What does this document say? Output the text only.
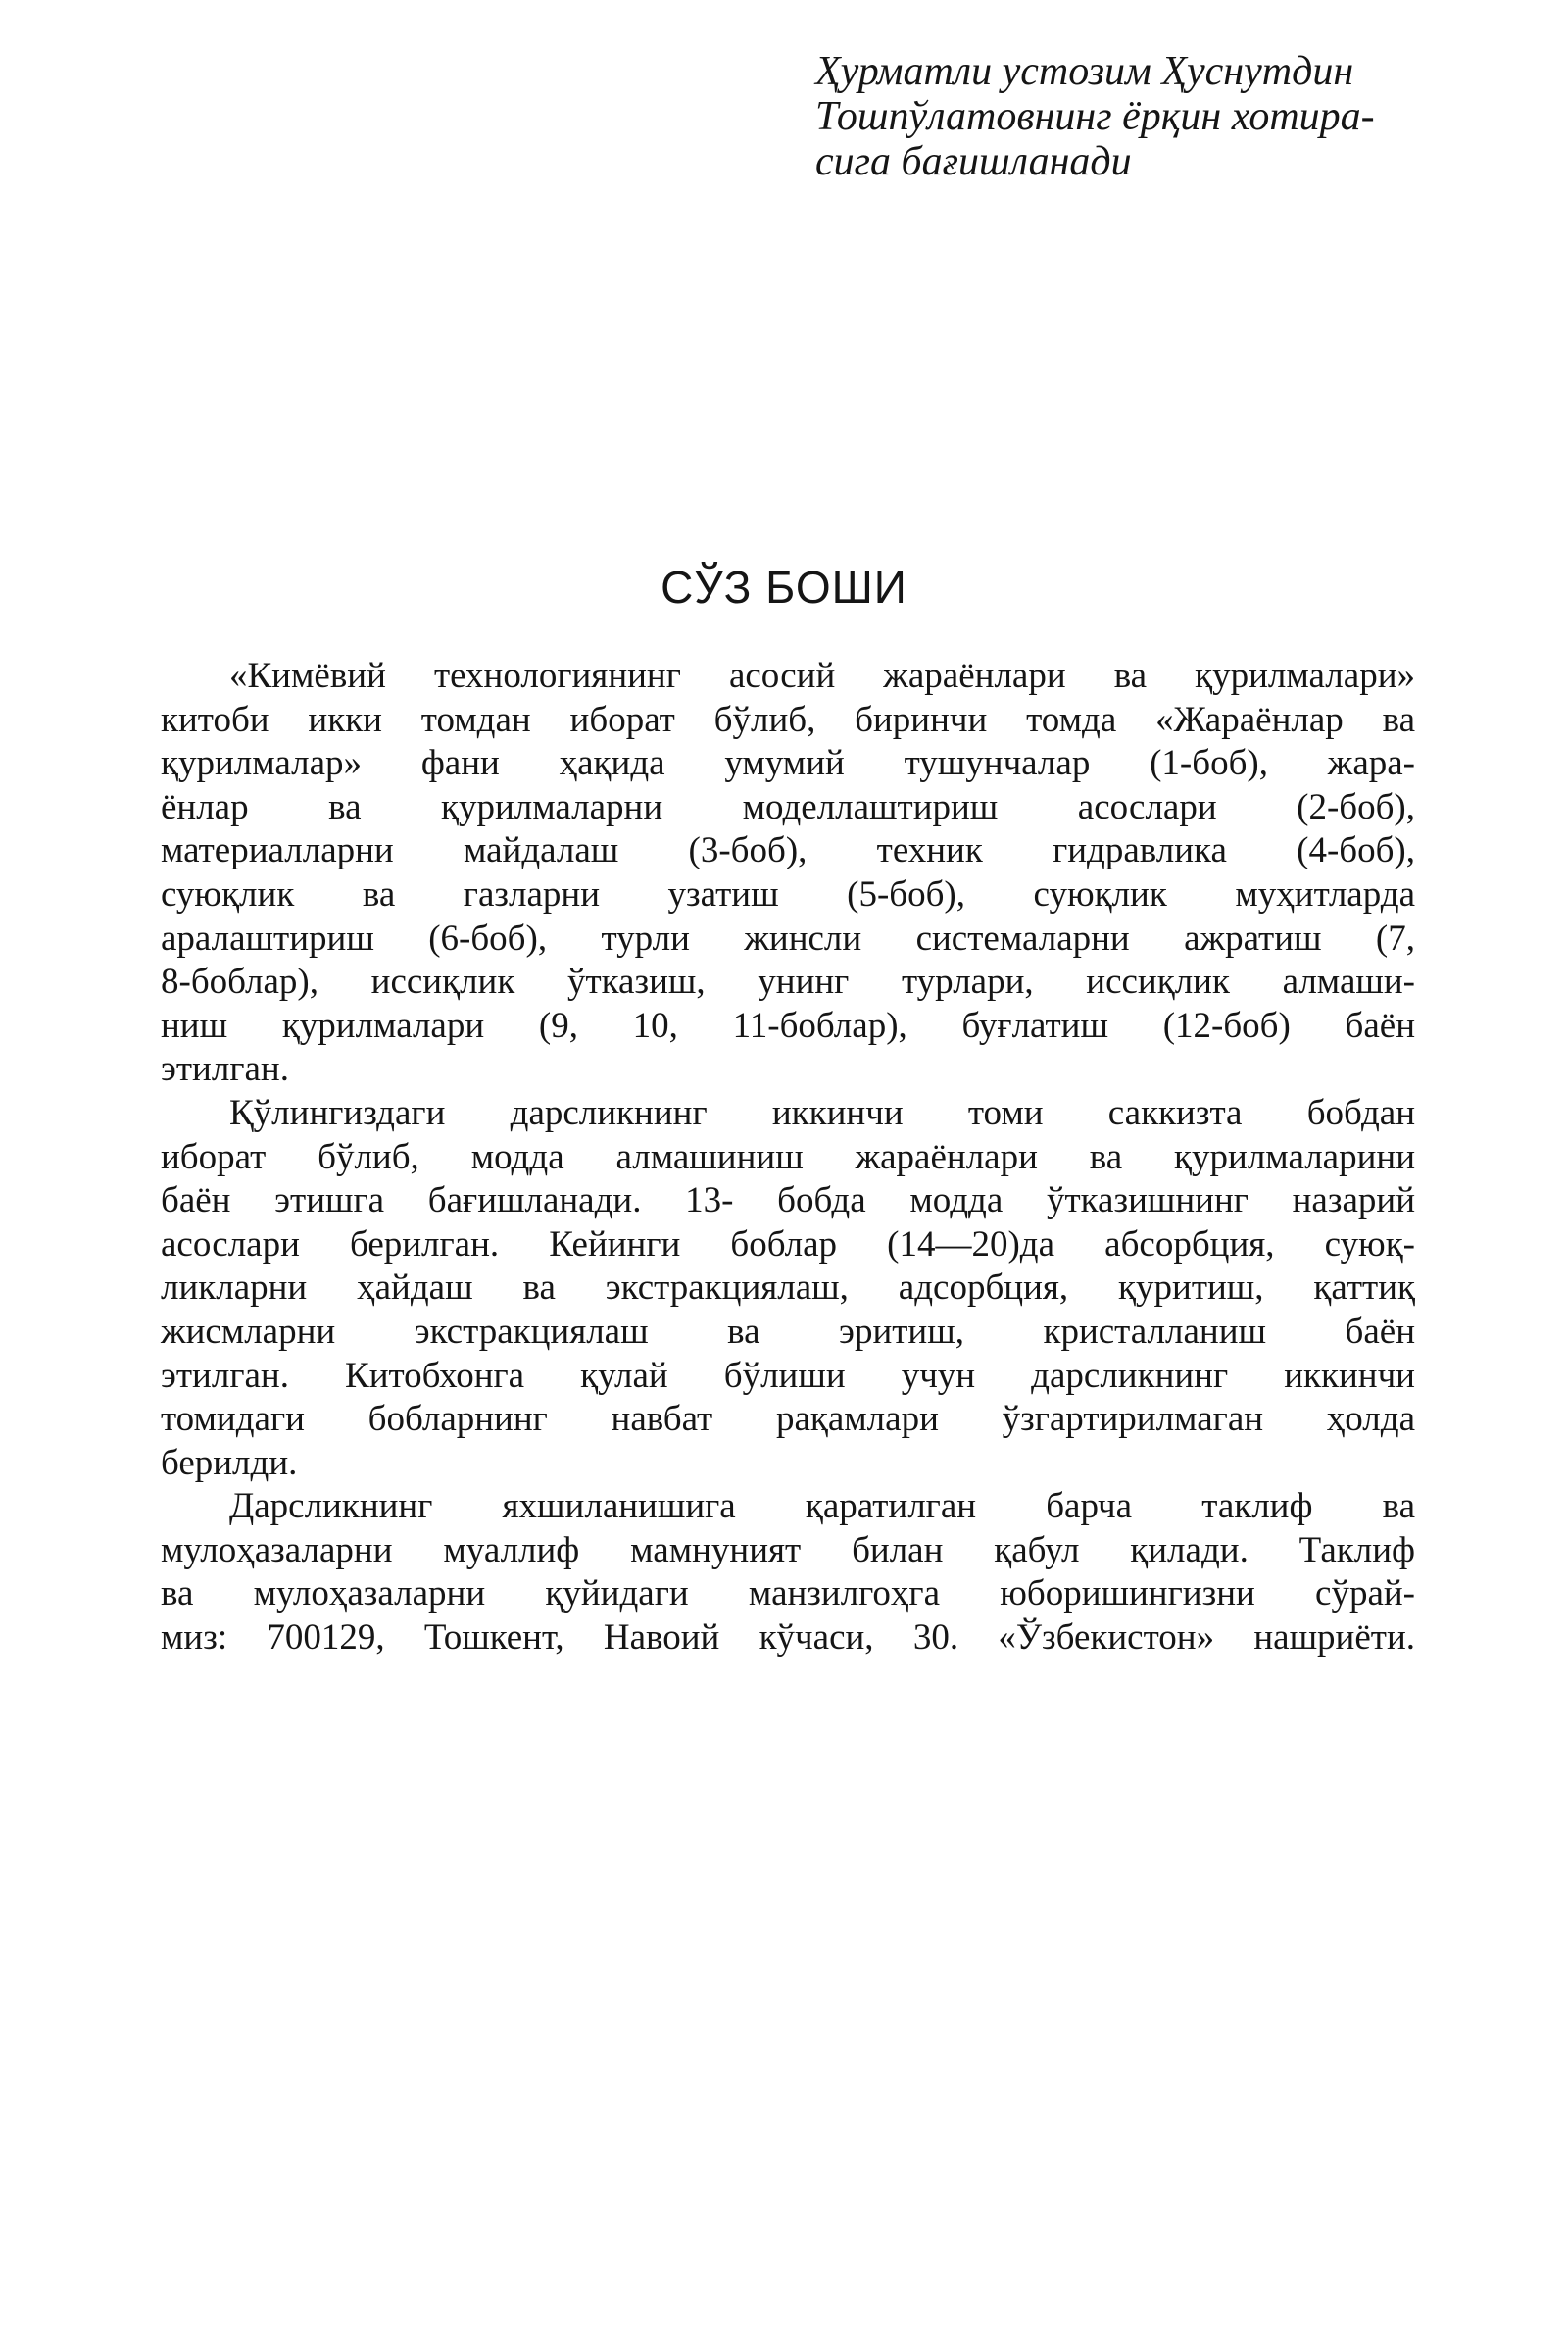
Ҳурматли устозим Ҳуснутдин
Тошпўлатовнинг ёрқин хотира-
сига бағишланади
СЎЗ БОШИ
«Кимёвий технологиянинг асосий жараёнлари ва қурилмалари»
китоби икки томдан иборат бўлиб, биринчи томда «Жараёнлар ва
қурилмалар» фани ҳақида умумий тушунчалар (1-боб), жара-
ёнлар ва қурилмаларни моделлаштириш асослари (2-боб),
материалларни майдалаш (3-боб), техник гидравлика (4-боб),
суюқлик ва газларни узатиш (5-боб), суюқлик муҳитларда
аралаштириш (6-боб), турли жинсли системаларни ажратиш (7,
8-боблар), иссиқлик ўтказиш, унинг турлари, иссиқлик алмаши-
ниш қурилмалари (9, 10, 11-боблар), буғлатиш (12-боб) баён
этилган.
Қўлингиздаги дарсликнинг иккинчи томи саккизта бобдан
иборат бўлиб, модда алмашиниш жараёнлари ва қурилмаларини
баён этишга бағишланади. 13- бобда модда ўтказишнинг назарий
асослари берилган. Кейинги боблар (14—20)да абсорбция, суюқ-
ликларни ҳайдаш ва экстракциялаш, адсорбция, қуритиш, қаттиқ
жисмларни экстракциялаш ва эритиш, кристалланиш баён
этилган. Китобхонга қулай бўлиши учун дарсликнинг иккинчи
томидаги бобларнинг навбат рақамлари ўзгартирилмаган ҳолда
берилди.
Дарсликнинг яхшиланишига қаратилган барча таклиф ва
мулоҳазаларни муаллиф мамнуният билан қабул қилади. Таклиф
ва мулоҳазаларни қуйидаги манзилгоҳга юборишингизни сўрай-
миз: 700129, Тошкент, Навоий кўчаси, 30. «Ўзбекистон» нашриёти.
